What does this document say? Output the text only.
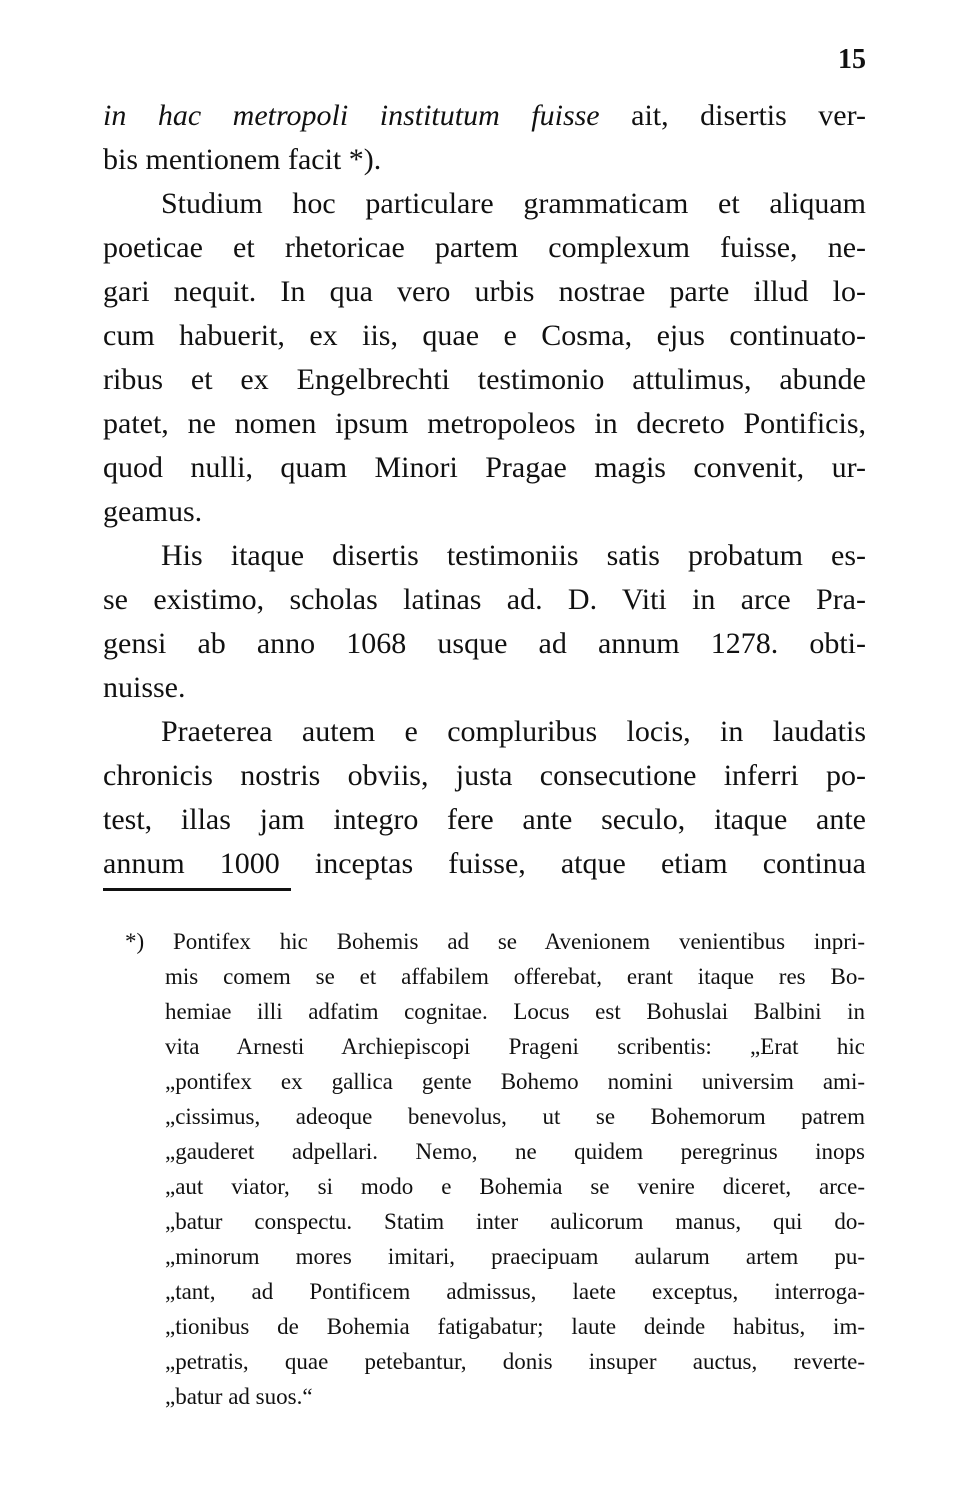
15
in hac metropoli institutum fuisse ait, disertis ver-
bis mentionem facit *).
Studium hoc particulare grammaticam et aliquam
poeticae et rhetoricae partem complexum fuisse, ne-
gari nequit. In qua vero urbis nostrae parte illud lo-
cum habuerit, ex iis, quae e Cosma, ejus continuato-
ribus et ex Engelbrechti testimonio attulimus, abunde
patet, ne nomen ipsum metropoleos in decreto Pontificis,
quod nulli, quam Minori Pragae magis convenit, ur-
geamus.
His itaque disertis testimoniis satis probatum es-
se existimo, scholas latinas ad. D. Viti in arce Pra-
gensi ab anno 1068 usque ad annum 1278. obti-
nuisse.
Praeterea autem e compluribus locis, in laudatis
chronicis nostris obviis, justa consecutione inferri po-
test, illas jam integro fere ante seculo, itaque ante
annum 1000 inceptas fuisse, atque etiam continua
*) Pontifex hic Bohemis ad se Avenionem venientibus inpri-
mis comem se et affabilem offerebat, erant itaque res Bo-
hemiae illi adfatim cognitae. Locus est Bohuslai Balbini in
vita Arnesti Archiepiscopi Prageni scribentis: „Erat hic
„pontifex ex gallica gente Bohemo nomini universim ami-
„cissimus, adeoque benevolus, ut se Bohemorum patrem
„gauderet adpellari. Nemo, ne quidem peregrinus inops
„aut viator, si modo e Bohemia se venire diceret, arce-
„batur conspectu. Statim inter aulicorum manus, qui do-
„minorum mores imitari, praecipuam aularum artem pu-
„tant, ad Pontificem admissus, laete exceptus, interroga-
„tionibus de Bohemia fatigabatur; laute deinde habitus, im-
„petratis, quae petebantur, donis insuper auctus, reverte-
„batur ad suos.“
